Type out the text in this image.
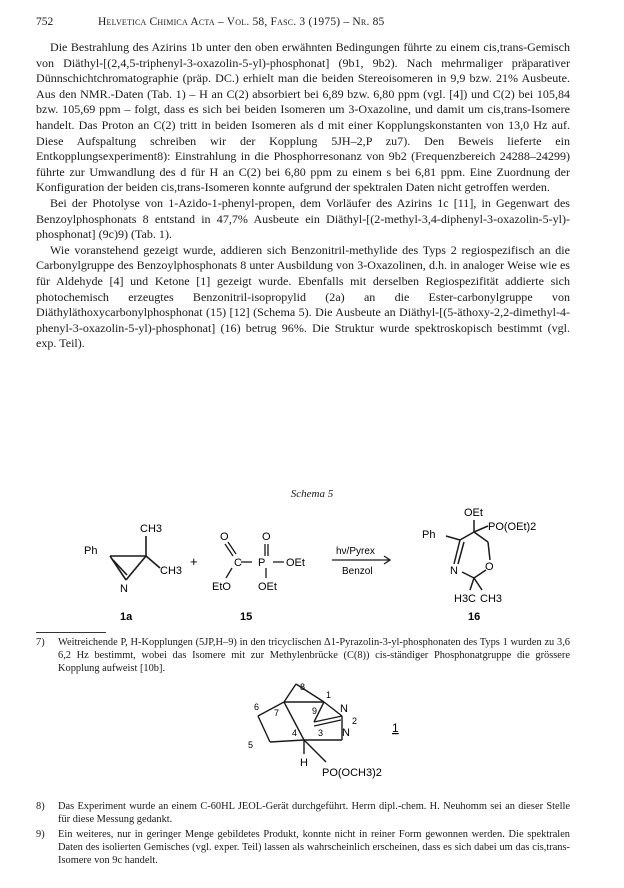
752	Helvetica Chimica Acta – Vol. 58, Fasc. 3 (1975) – Nr. 85

Die Bestrahlung des Azirins 1b unter den oben erwähnten Bedingungen führte zu einem cis,trans-Gemisch von Diäthyl-[(2,4,5-triphenyl-3-oxazolin-5-yl)-phosphonat] (9b1, 9b2). Nach mehrmaliger präparativer Dünnschichtchromatographie (präp. DC.) erhielt man die beiden Stereoisomeren in 9,9 bzw. 21% Ausbeute. Aus den NMR.-Daten (Tab. 1) – H an C(2) absorbiert bei 6,89 bzw. 6,80 ppm (vgl. [4]) und C(2) bei 105,84 bzw. 105,69 ppm – folgt, dass es sich bei beiden Isomeren um 3-Oxazoline, und damit um cis,trans-Isomere handelt. Das Proton an C(2) tritt in beiden Isomeren als d mit einer Kopplungskonstanten von 13,0 Hz auf. Diese Aufspaltung schreiben wir der Kopplung 5JH–2,P zu7). Den Beweis lieferte ein Entkopplungsexperiment8): Einstrahlung in die Phosphorresonanz von 9b2 (Frequenzbereich 24288–24299) führte zur Umwandlung des d für H an C(2) bei 6,80 ppm zu einem s bei 6,81 ppm. Eine Zuordnung der Konfiguration der beiden cis,trans-Isomeren konnte aufgrund der spektralen Daten nicht getroffen werden.

Bei der Photolyse von 1-Azido-1-phenyl-propen, dem Vorläufer des Azirins 1c [11], in Gegenwart des Benzoylphosphonats 8 entstand in 47,7% Ausbeute ein Diäthyl-[(2-methyl-3,4-diphenyl-3-oxazolin-5-yl)-phosphonat] (9c)9) (Tab. 1).

Wie voranstehend gezeigt wurde, addieren sich Benzonitril-methylide des Typs 2 regiospezifisch an die Carbonylgruppe des Benzoylphosphonats 8 unter Ausbildung von 3-Oxazolinen, d.h. in analoger Weise wie es für Aldehyde [4] und Ketone [1] gezeigt wurde. Ebenfalls mit derselben Regiospezifität addierte sich photochemisch erzeugtes Benzonitril-isopropylid (2a) an die Ester-carbonylgruppe von Diäthyläthoxycarbonylphosphonat (15) [12] (Schema 5). Die Ausbeute an Diäthyl-[(5-äthoxy-2,2-dimethyl-4-phenyl-3-oxazolin-5-yl)-phosphonat] (16) betrug 96%. Die Struktur wurde spektroskopisch bestimmt (vgl. exp. Teil).

Schema 5
Ph
CH3
CH3
N
1a
+
O	O
C P OEt
EtO OEt
15
hν/Pyrex
Benzol
OEt
Ph
PO(OEt)2
N O
H3C CH3
16
7)	Weitreichende P, H-Kopplungen (5JP,H–9) in den tricyclischen Δ1-Pyrazolin-3-yl-phosphonaten des Typs 1 wurden zu 3,6 6,2 Hz bestimmt, wobei das Isomere mit zur Methylenbrücke (C(8)) cis-ständiger Phosphonatgruppe die grössere Kopplung aufweist [10b].
8
1
N
2
N
3
4
5
6
7	9
H
PO(OCH3)2
1
8)	Das Experiment wurde an einem C-60HL JEOL-Gerät durchgeführt. Herrn dipl.-chem. H. Neuhomm sei an dieser Stelle für diese Messung gedankt.
9)	Ein weiteres, nur in geringer Menge gebildetes Produkt, konnte nicht in reiner Form gewonnen werden. Die spektralen Daten des isolierten Gemisches (vgl. exper. Teil) lassen als wahrscheinlich erscheinen, dass es sich dabei um das cis,trans-Isomere von 9c handelt.
